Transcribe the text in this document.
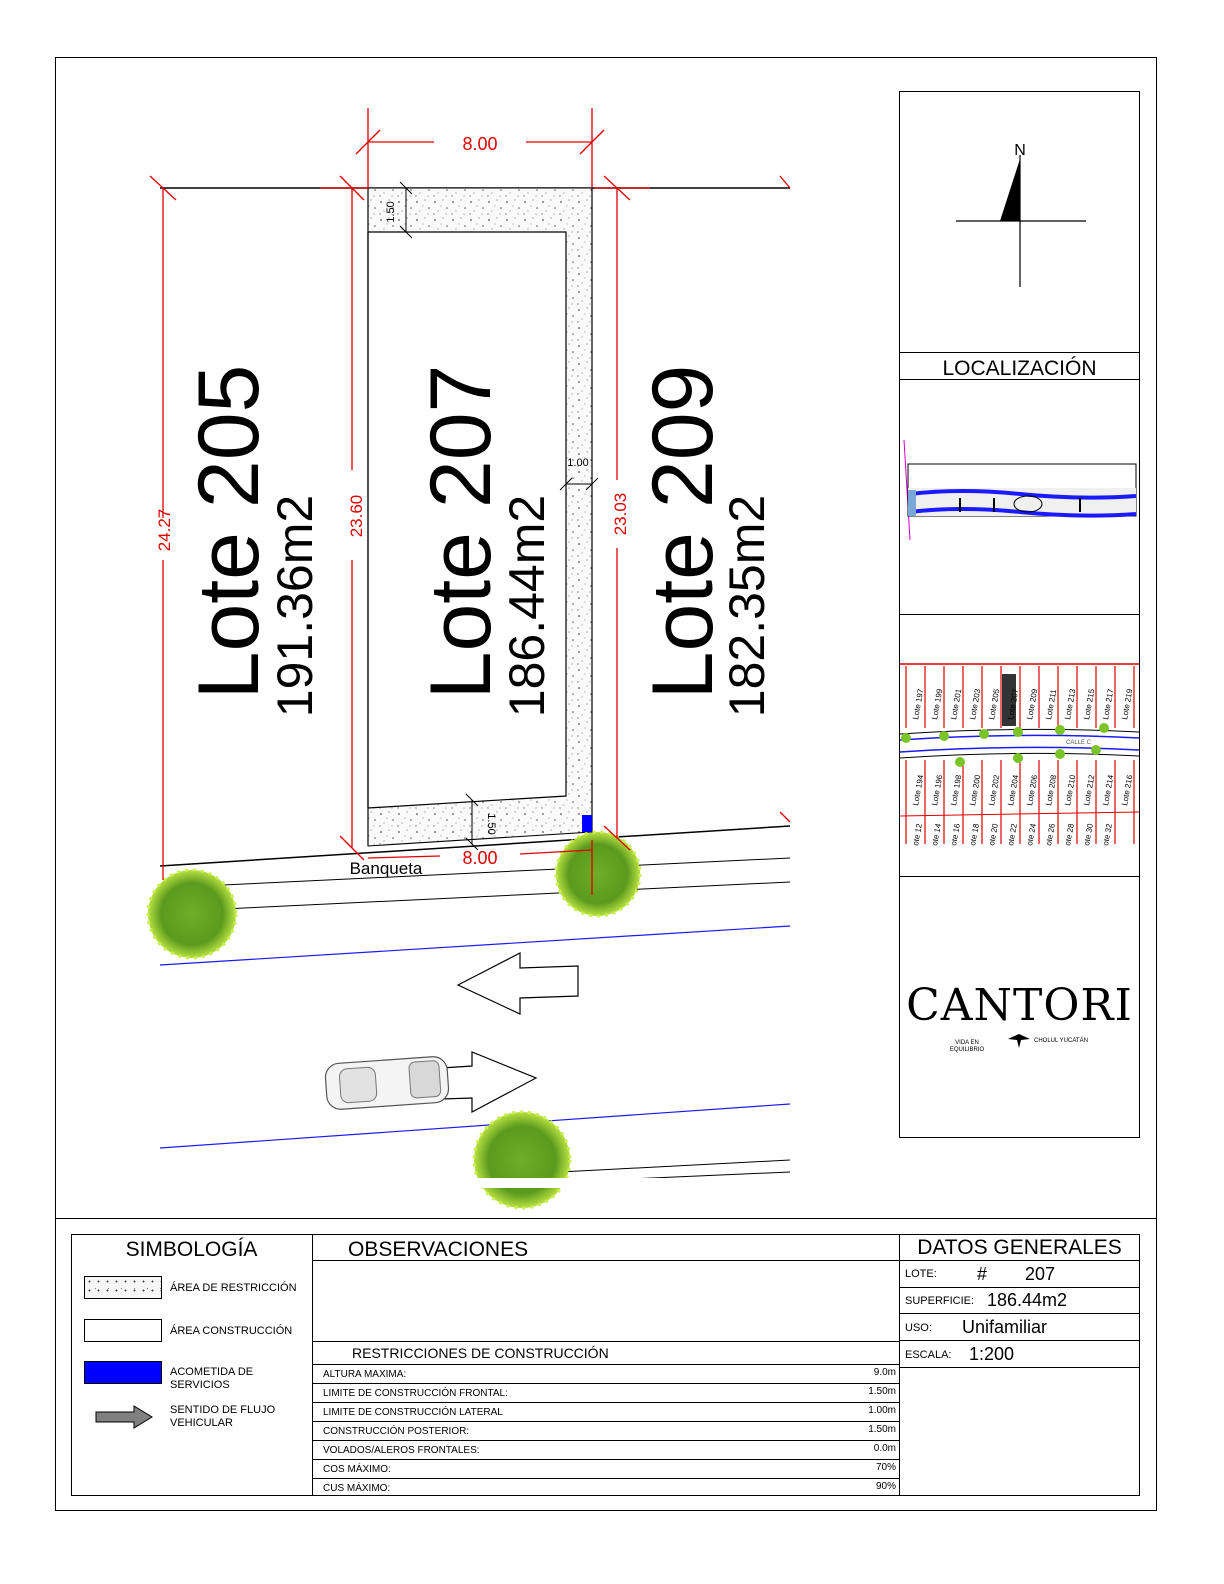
8.00
8.00
23.60
24.27	23.03
1.50
1.50
1.00
Lote 205
191.36m2 Lote 207
186.44m2 Lote 209
182.35m2
Banqueta
N
LOCALIZACIÓN
CALLE C
Lote 197 Lote 199 Lote 201 Lote 203 Lote 205 Lote 207 Lote 209 Lote 211 Lote 213 Lote 215 Lote 217 Lote 219
Lote 194 Lote 196 Lote 198 Lote 200 Lote 202 Lote 204 Lote 206 Lote 208 Lote 210 Lote 212 Lote 214 Lote 216
ote 12 ote 14 ote 16 ote 18 ote 20 ote 22 ote 24 ote 26 ote 28 ote 30 ote 32
CANTORI
VIDA EN EQUILIBRIO
CHOLUL YUCATÁN
SIMBOLOGÍA
ÁREA DE RESTRICCIÓN
ÁREA CONSTRUCCIÓN
ACOMETIDA DE SERVICIOS
SENTIDO DE FLUJO VEHICULAR
OBSERVACIONES
RESTRICCIONES DE CONSTRUCCIÓN
ALTURA MAXIMA:	9.0m
LIMITE DE CONSTRUCCIÓN FRONTAL:	1.50m
LIMITE DE CONSTRUCCIÓN LATERAL	1.00m
CONSTRUCCIÓN POSTERIOR:	1.50m
VOLADOS/ALEROS FRONTALES:	0.0m
COS MÁXIMO:	70%
CUS MÁXIMO:	90%
DATOS GENERALES
LOTE: # 207
SUPERFICIE: 186.44m2
USO: Unifamiliar
ESCALA: 1:200
